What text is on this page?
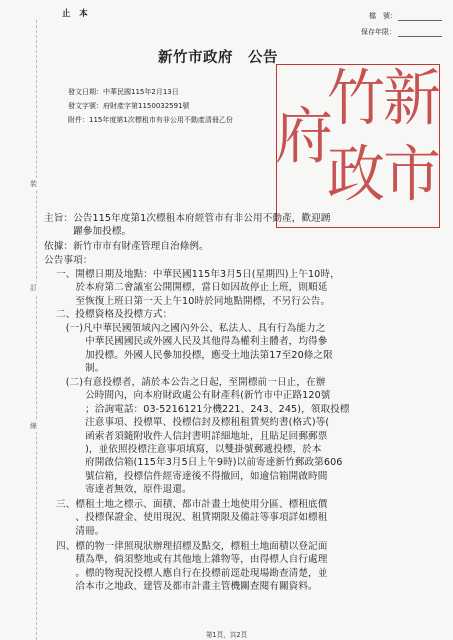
止 本	檔　號：
保存年限：
裝
訂
線
新竹市政府　公告
發文日期：中華民國115年2月13日
發文字號：府財產字第1150032591號
附件：115年度第1次標租市有非公用不動產清冊乙份	新
竹
市
政
府
主旨：公告115年度第1次標租本府經管市有非公用不動產，歡迎踴
　　　躍參加投標。
依據：新竹市市有財產管理自治條例。
公告事項：
一、開標日期及地點：中華民國115年3月5日(星期四)上午10時，
　　於本府第二會議室公開開標，當日如因故停止上班，則順延
　　至恢復上班日第一天上午10時於同地點開標，不另行公告。
二、投標資格及投標方式：
　(一)凡中華民國領域內之國內外公、私法人、具有行為能力之
　　　中華民國國民或外國人民及其他得為權利主體者，均得參
　　　加投標。外國人民參加投標，應受土地法第17至20條之限
　　　制。
　(二)有意投標者，請於本公告之日起，至開標前一日止，在辦
　　　公時間內，向本府財政處公有財產科(新竹市中正路120號
　　　；洽詢電話：03-5216121分機221、243、245)，領取投標
　　　注意事項、投標單、投標信封及標租租賃契約書(格式)等(
　　　函索者須隨附收件人信封書明詳細地址，且貼足回郵郵票
　　　)，並依照投標注意事項填寫，以雙掛號郵遞投標，於本
　　　府開啟信箱(115年3月5日上午9時)以前寄達新竹郵政第606
　　　號信箱，投標信件經寄達後不得撤回，如逾信箱開啟時間
　　　寄達者無效，原件退還。
三、標租土地之標示、面積、都市計畫土地使用分區、標租底價
　　、投標保證金、使用現況、租賃期限及備註等事項詳如標租
　　清冊。
四、標的物一律照現狀辦理招標及點交，標租土地面積以登記面
　　積為準，倘須整地或有其他地上雜物等，由得標人自行處理
　　。標的物現況投標人應自行在投標前逕赴現場勘查清楚，並
　　洽本市之地政、建管及都市計畫主管機關查閱有關資料。
第1頁，共2頁
